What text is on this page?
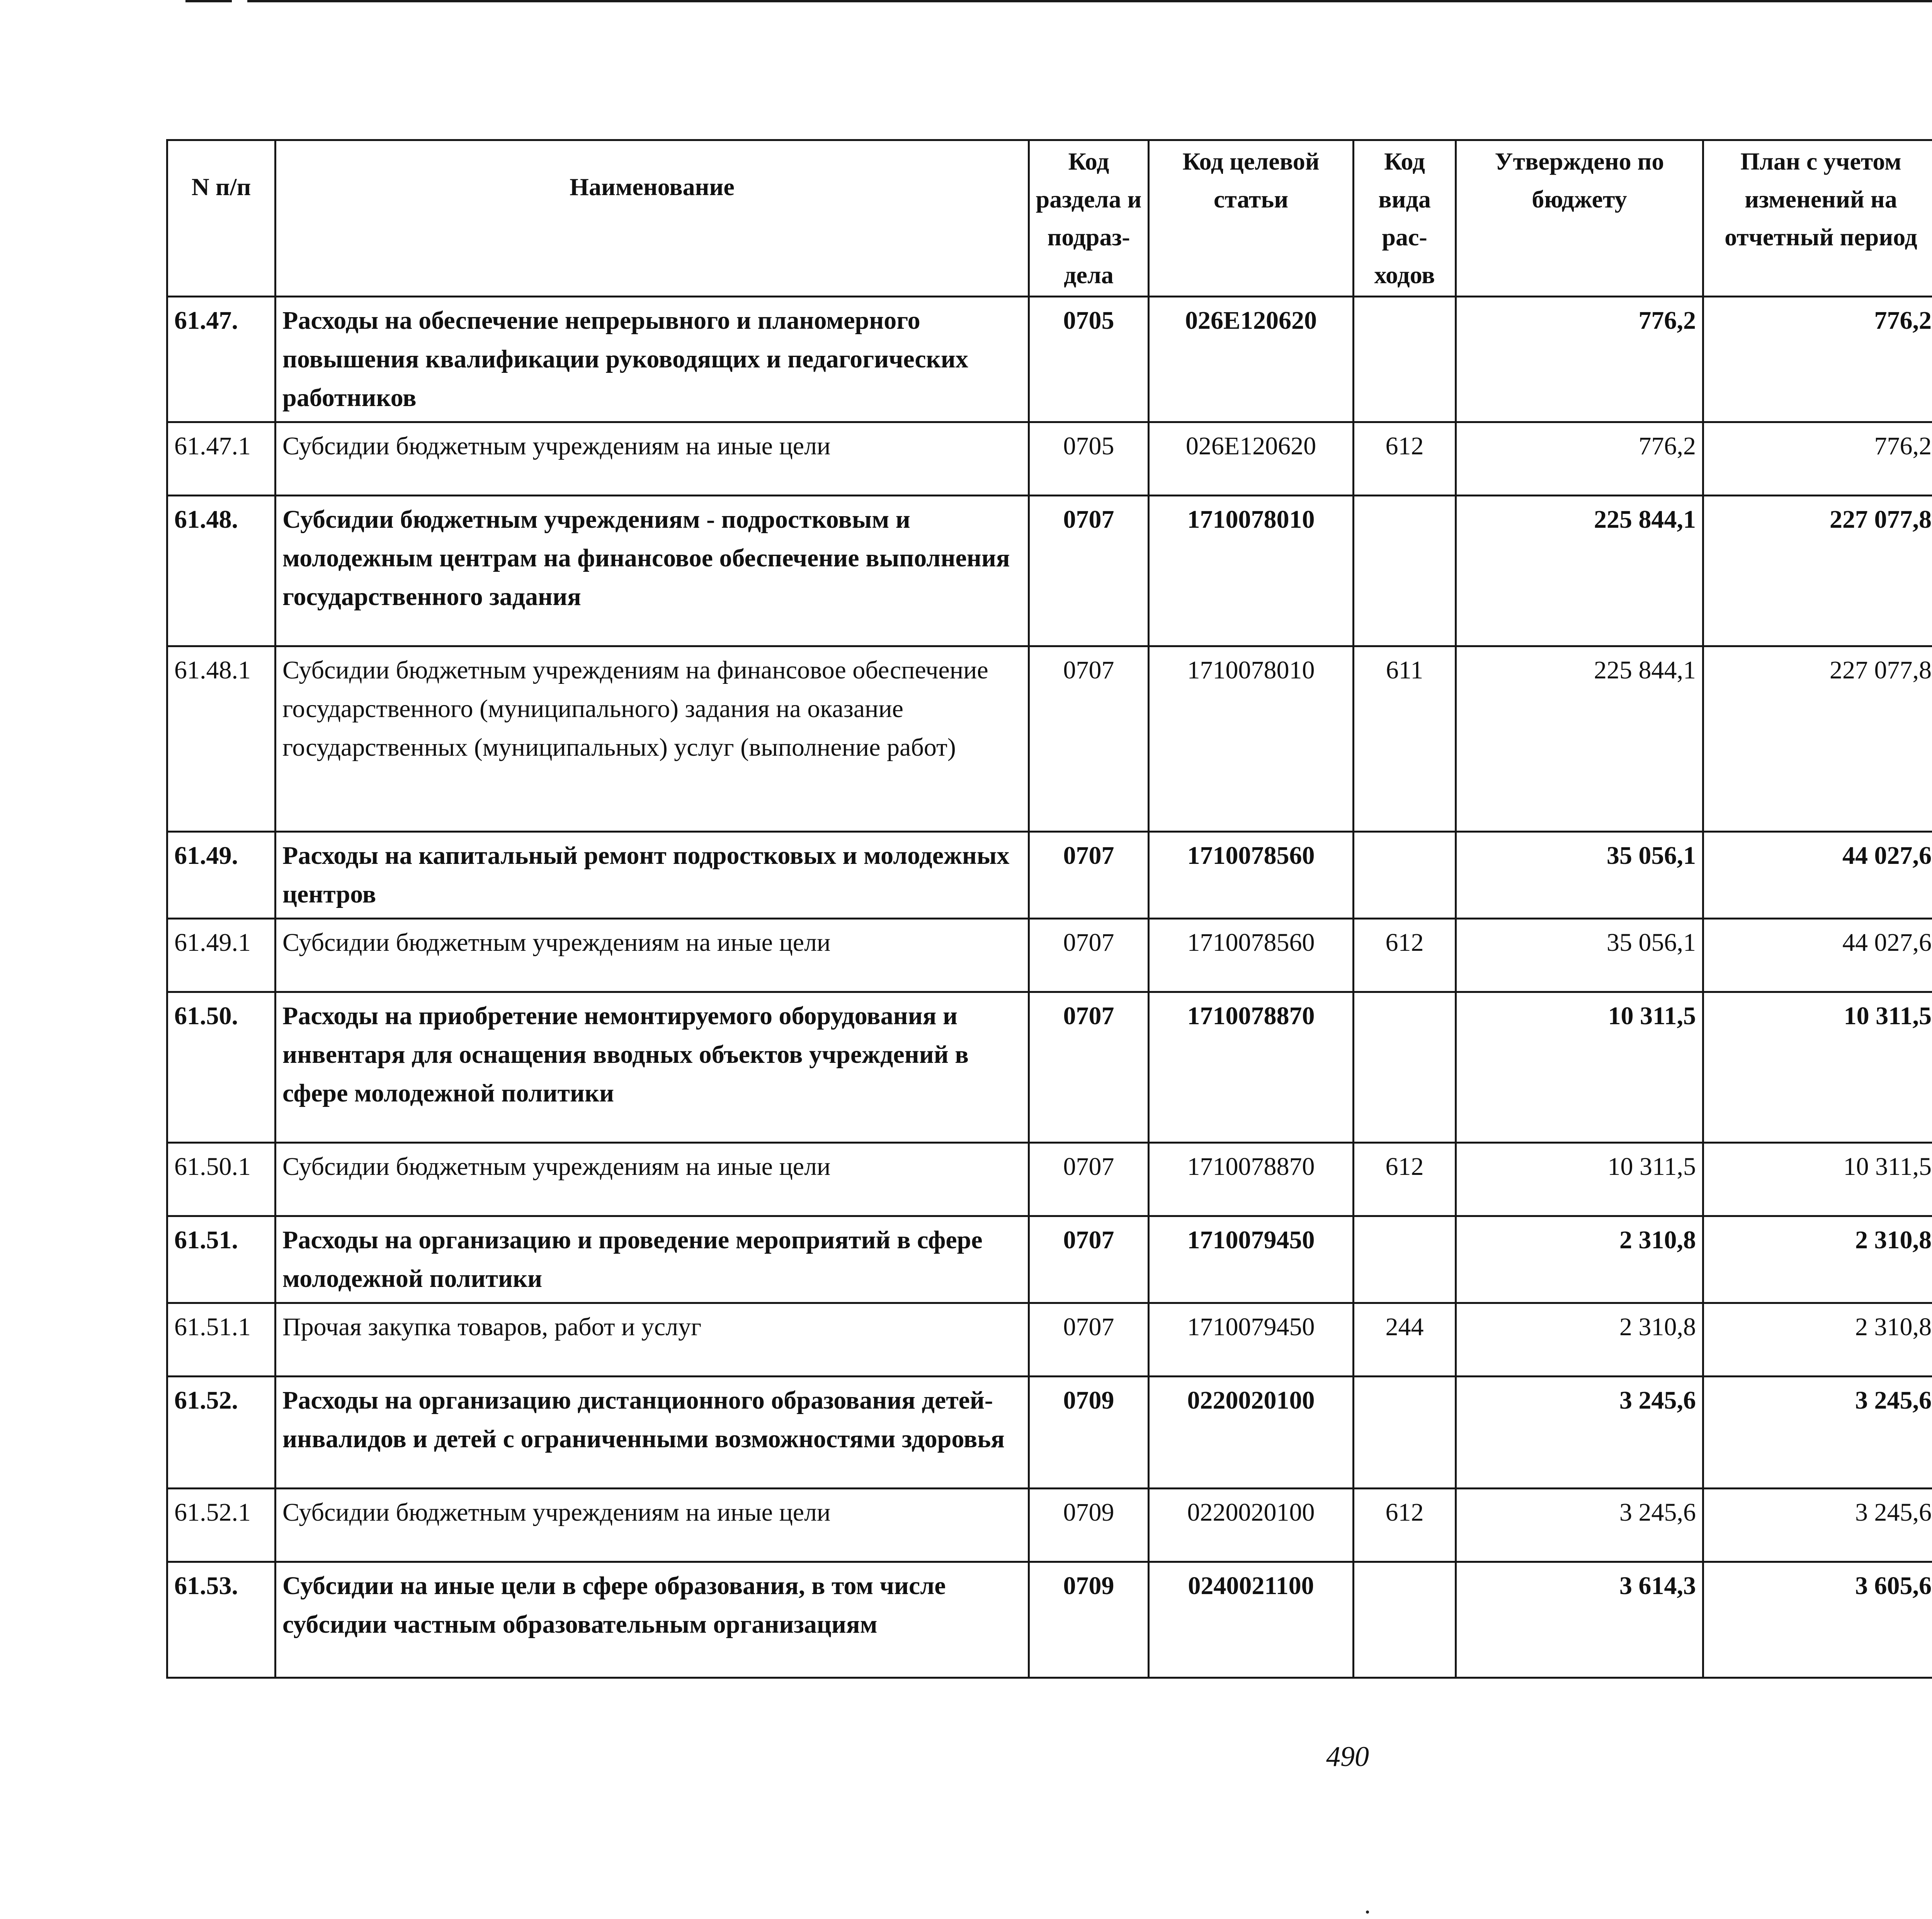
N п/п	Наименование	Код раздела и подраз- дела	Код целевой статьи	Код вида рас- ходов	Утверждено по бюджету	План с учетом изменений на отчетный период		

61.47.	Расходы на обеспечение непрерывного и планомерного повышения квалификации руководящих и педагогических работников	0705	026E120620		776,2	776,2			
61.47.1	Субсидии бюджетным учреждениям на иные цели	0705	026E120620	612	776,2	776,2			
61.48.	Субсидии бюджетным учреждениям - подростковым и молодежным центрам на финансовое обеспечение выполнения государственного задания	0707	1710078010		225 844,1	227 077,8			
61.48.1	Субсидии бюджетным учреждениям на финансовое обеспечение государственного (муниципального) задания на оказание государственных (муниципальных) услуг (выполнение работ)	0707	1710078010	611	225 844,1	227 077,8			
61.49.	Расходы на капитальный ремонт подростковых и молодежных центров	0707	1710078560		35 056,1	44 027,6			
61.49.1	Субсидии бюджетным учреждениям на иные цели	0707	1710078560	612	35 056,1	44 027,6			
61.50.	Расходы на приобретение немонтируемого оборудования и инвентаря для оснащения вводных объектов учреждений в сфере молодежной политики	0707	1710078870		10 311,5	10 311,5			
61.50.1	Субсидии бюджетным учреждениям на иные цели	0707	1710078870	612	10 311,5	10 311,5			
61.51.	Расходы на организацию и проведение мероприятий в сфере молодежной политики	0707	1710079450		2 310,8	2 310,8			
61.51.1	Прочая закупка товаров, работ и услуг	0707	1710079450	244	2 310,8	2 310,8			
61.52.	Расходы на организацию дистанционного образования детей-инвалидов и детей с ограниченными возможностями здоровья	0709	0220020100		3 245,6	3 245,6			
61.52.1	Субсидии бюджетным учреждениям на иные цели	0709	0220020100	612	3 245,6	3 245,6			
61.53.	Субсидии на иные цели в сфере образования, в том числе субсидии частным образовательным организациям	0709	0240021100		3 614,3	3 605,6			
490
